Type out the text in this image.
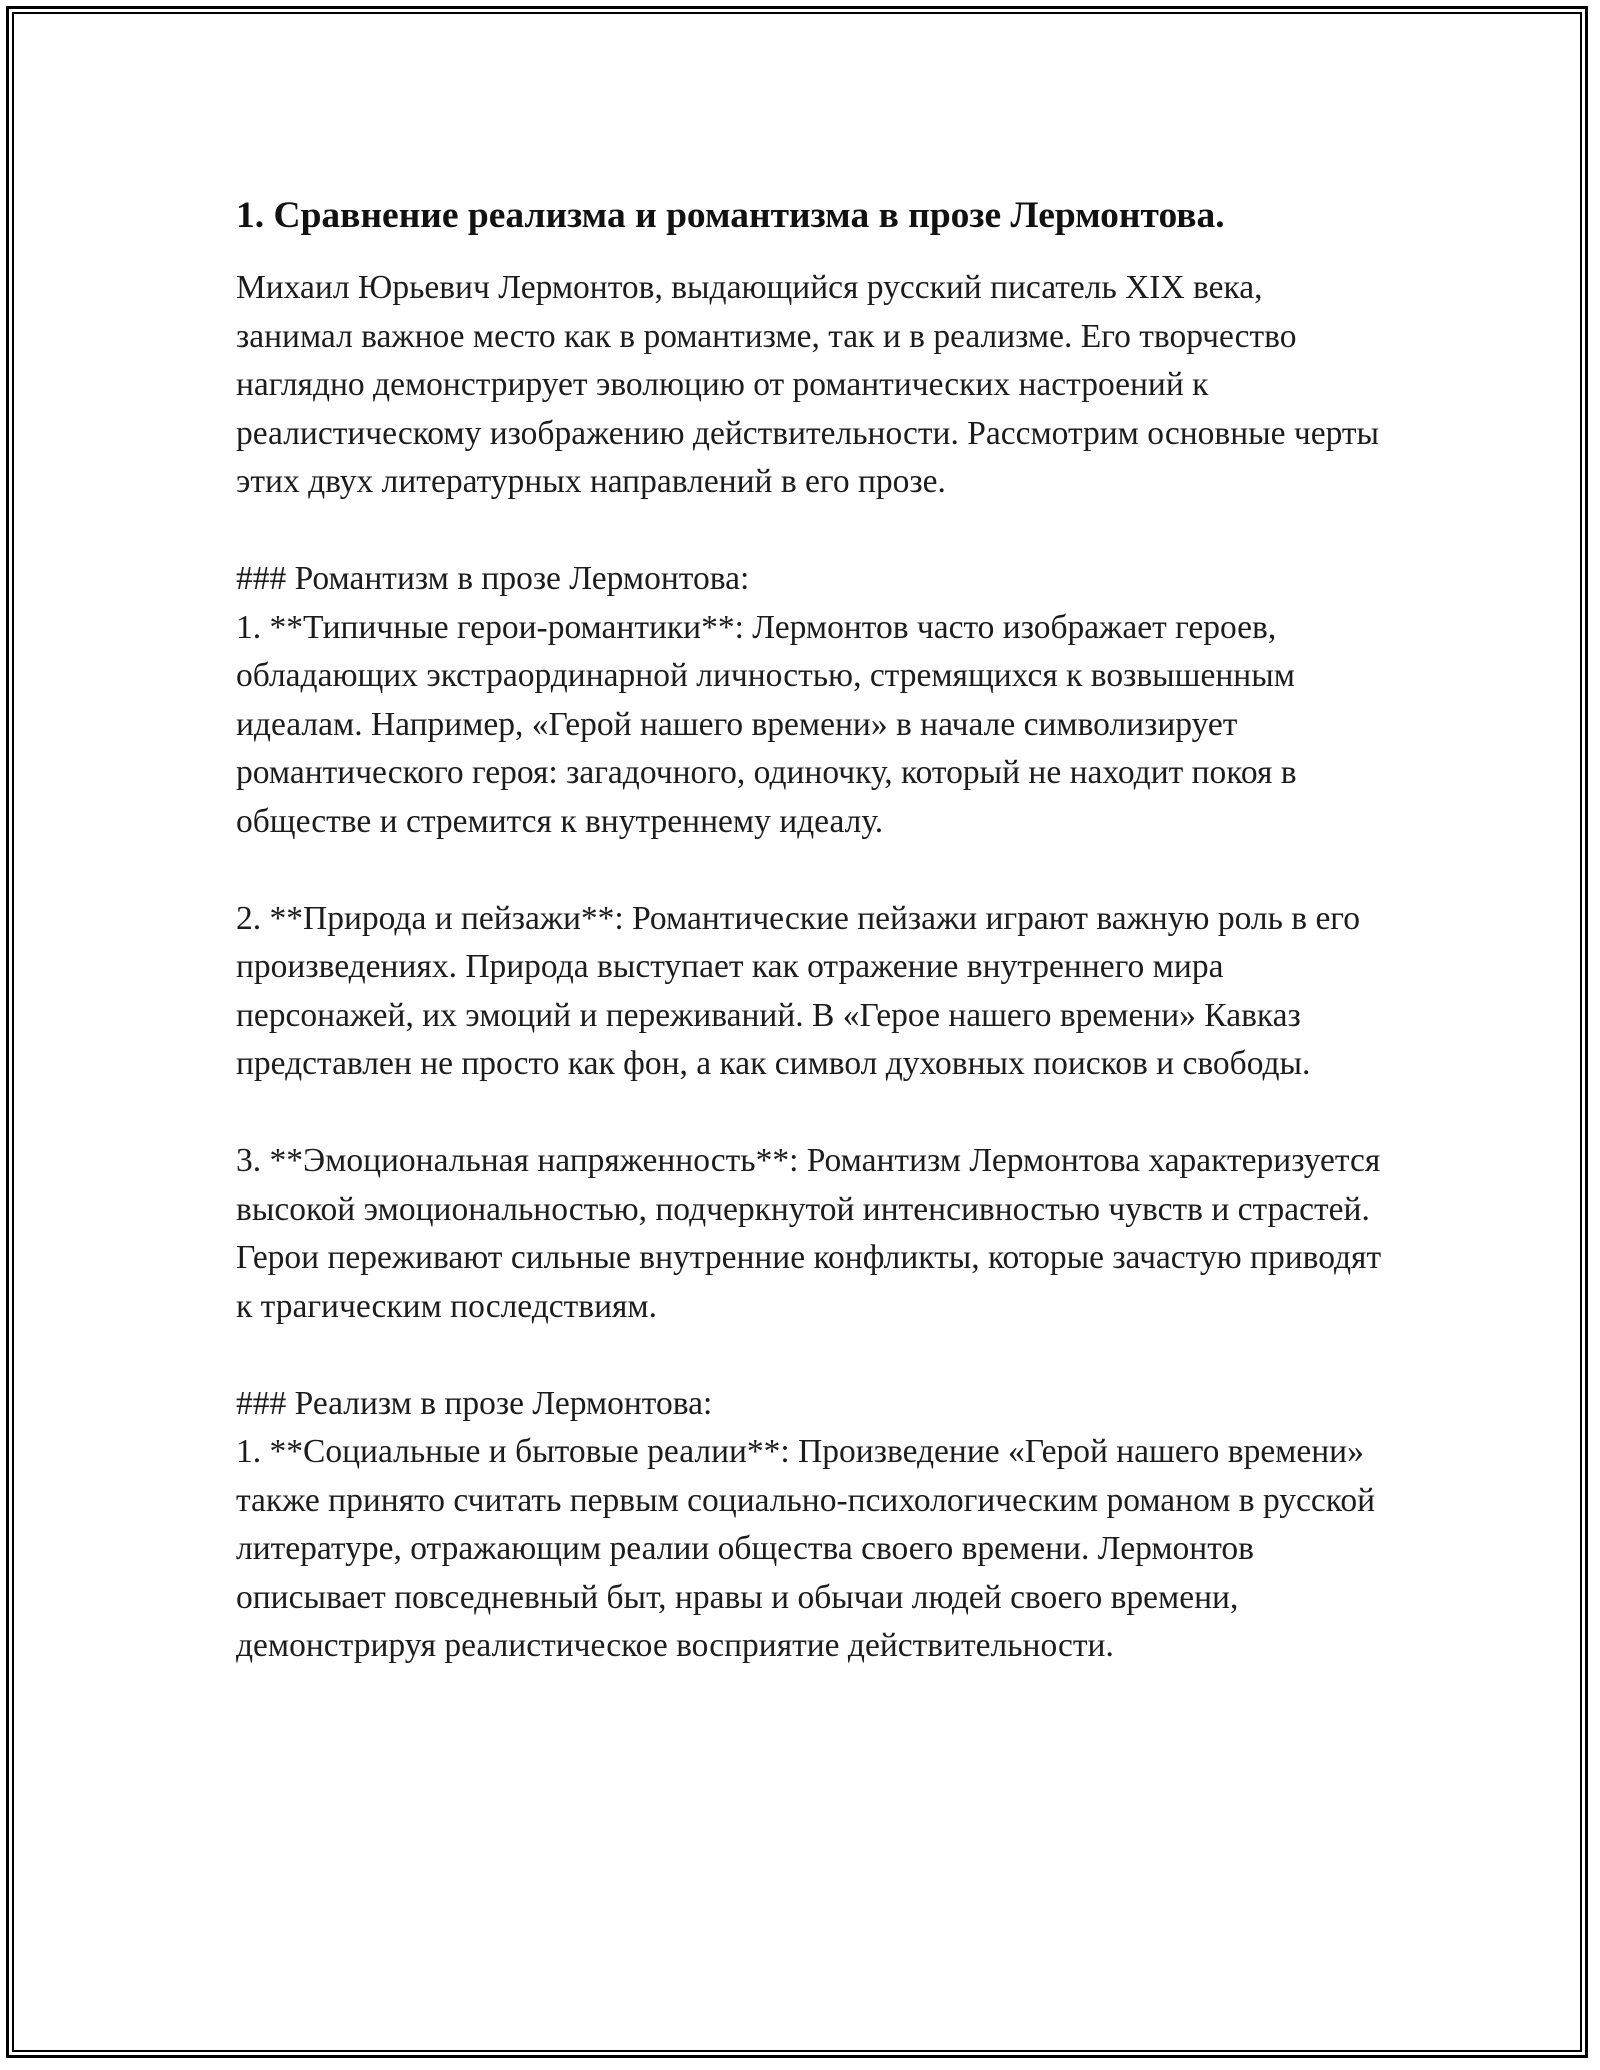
1. Сравнение реализма и романтизма в прозе Лермонтова.

Михаил Юрьевич Лермонтов, выдающийся русский писатель XIX века, занимал важное место как в романтизме, так и в реализме. Его творчество наглядно демонстрирует эволюцию от романтических настроений к реалистическому изображению действительности. Рассмотрим основные черты этих двух литературных направлений в его прозе.

### Романтизм в прозе Лермонтова:

1. **Типичные герои-романтики**: Лермонтов часто изображает героев, обладающих экстраординарной личностью, стремящихся к возвышенным идеалам. Например, «Герой нашего времени» в начале символизирует романтического героя: загадочного, одиночку, который не находит покоя в обществе и стремится к внутреннему идеалу.

2. **Природа и пейзажи**: Романтические пейзажи играют важную роль в его произведениях. Природа выступает как отражение внутреннего мира персонажей, их эмоций и переживаний. В «Герое нашего времени» Кавказ представлен не просто как фон, а как символ духовных поисков и свободы.

3. **Эмоциональная напряженность**: Романтизм Лермонтова характеризуется высокой эмоциональностью, подчеркнутой интенсивностью чувств и страстей. Герои переживают сильные внутренние конфликты, которые зачастую приводят к трагическим последствиям.

### Реализм в прозе Лермонтова:

1. **Социальные и бытовые реалии**: Произведение «Герой нашего времени» также принято считать первым социально-психологическим романом в русской литературе, отражающим реалии общества своего времени. Лермонтов описывает повседневный быт, нравы и обычаи людей своего времени, демонстрируя реалистическое восприятие действительности.
